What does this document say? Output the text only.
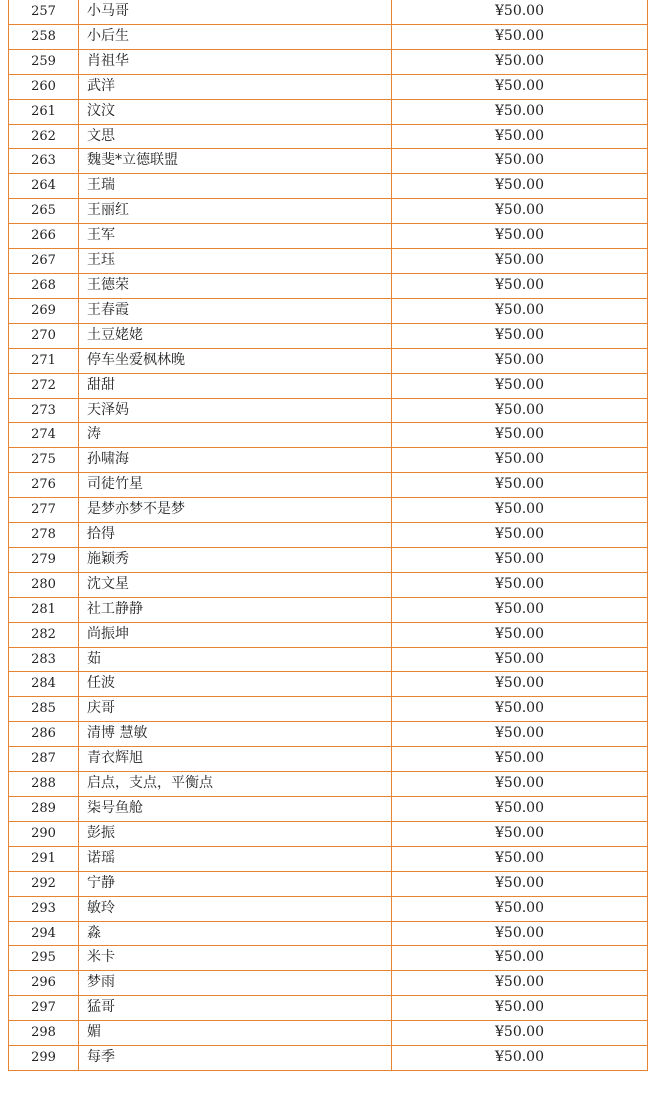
257	小马哥	¥50.00
258	小后生	¥50.00
259	肖祖华	¥50.00
260	武洋	¥50.00
261	汶汶	¥50.00
262	文思	¥50.00
263	魏斐*立德联盟	¥50.00
264	王瑞	¥50.00
265	王丽红	¥50.00
266	王军	¥50.00
267	王珏	¥50.00
268	王德荣	¥50.00
269	王春霞	¥50.00
270	土豆姥姥	¥50.00
271	停车坐爱枫林晚	¥50.00
272	甜甜	¥50.00
273	天泽妈	¥50.00
274	涛	¥50.00
275	孙啸海	¥50.00
276	司徒竹星	¥50.00
277	是梦亦梦不是梦	¥50.00
278	拾得	¥50.00
279	施颖秀	¥50.00
280	沈文星	¥50.00
281	社工静静	¥50.00
282	尚振坤	¥50.00
283	茹	¥50.00
284	任波	¥50.00
285	庆哥	¥50.00
286	清博 慧敏	¥50.00
287	青衣辉旭	¥50.00
288	启点，支点，平衡点	¥50.00
289	柒号鱼舱	¥50.00
290	彭振	¥50.00
291	诺瑶	¥50.00
292	宁静	¥50.00
293	敏玲	¥50.00
294	淼	¥50.00
295	米卡	¥50.00
296	梦雨	¥50.00
297	猛哥	¥50.00
298	媚	¥50.00
299	每季	¥50.00
